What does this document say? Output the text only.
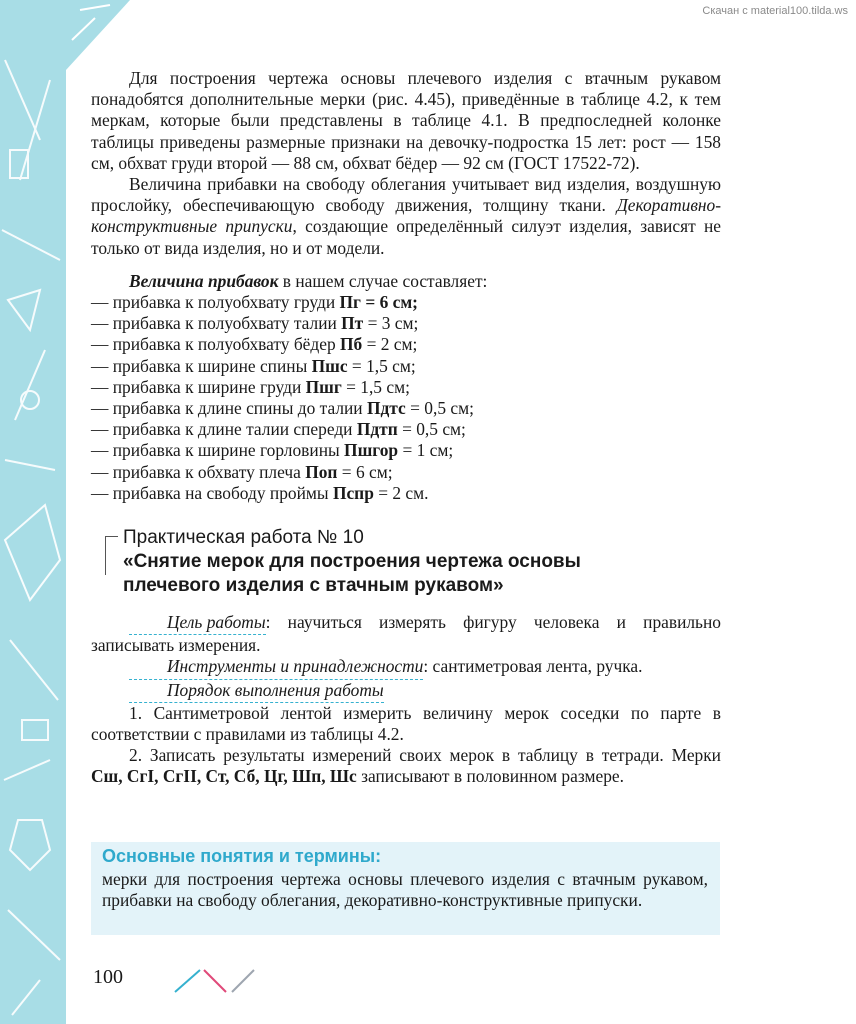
Скачан с material100.tilda.ws

Для построения чертежа основы плечевого изделия с втачным рукавом понадобятся дополнительные мерки (рис. 4.45), приведённые в таблице 4.2, к тем меркам, которые были представлены в таблице 4.1. В предпоследней колонке таблицы приведены размерные признаки на девочку-подростка 15 лет: рост — 158 см, обхват груди второй — 88 см, обхват бёдер — 92 см (ГОСТ 17522-72).

Величина прибавки на свободу облегания учитывает вид изделия, воздушную прослойку, обеспечивающую свободу движения, толщину ткани. Декоративно-конструктивные припуски, создающие определённый силуэт изделия, зависят не только от вида изделия, но и от модели.

Величина прибавок в нашем случае составляет:
— прибавка к полуобхвату груди Пг = 6 см;
— прибавка к полуобхвату талии Пт = 3 см;
— прибавка к полуобхвату бёдер Пб = 2 см;
— прибавка к ширине спины Пшс = 1,5 см;
— прибавка к ширине груди Пшг = 1,5 см;
— прибавка к длине спины до талии Пдтс = 0,5 см;
— прибавка к длине талии спереди Пдтп = 0,5 см;
— прибавка к ширине горловины Пшгор = 1 см;
— прибавка к обхвату плеча Поп = 6 см;
— прибавка на свободу проймы Пспр = 2 см.
Практическая работа № 10
«Снятие мерок для построения чертежа основы
плечевого изделия с втачным рукавом»

Цель работы: научиться измерять фигуру человека и правильно записывать измерения.

Инструменты и принадлежности: сантиметровая лента, ручка.

Порядок выполнения работы

1. Сантиметровой лентой измерить величину мерок соседки по парте в соответствии с правилами из таблицы 4.2.

2. Записать результаты измерений своих мерок в таблицу в тетради. Мерки Сш, СгI, СгII, Ст, Сб, Цг, Шп, Шс записывают в половинном размере.

Основные понятия и термины:
мерки для построения чертежа основы плечевого изделия с втачным рукавом, прибавки на свободу облегания, декоративно-конструктивные припуски.
100
